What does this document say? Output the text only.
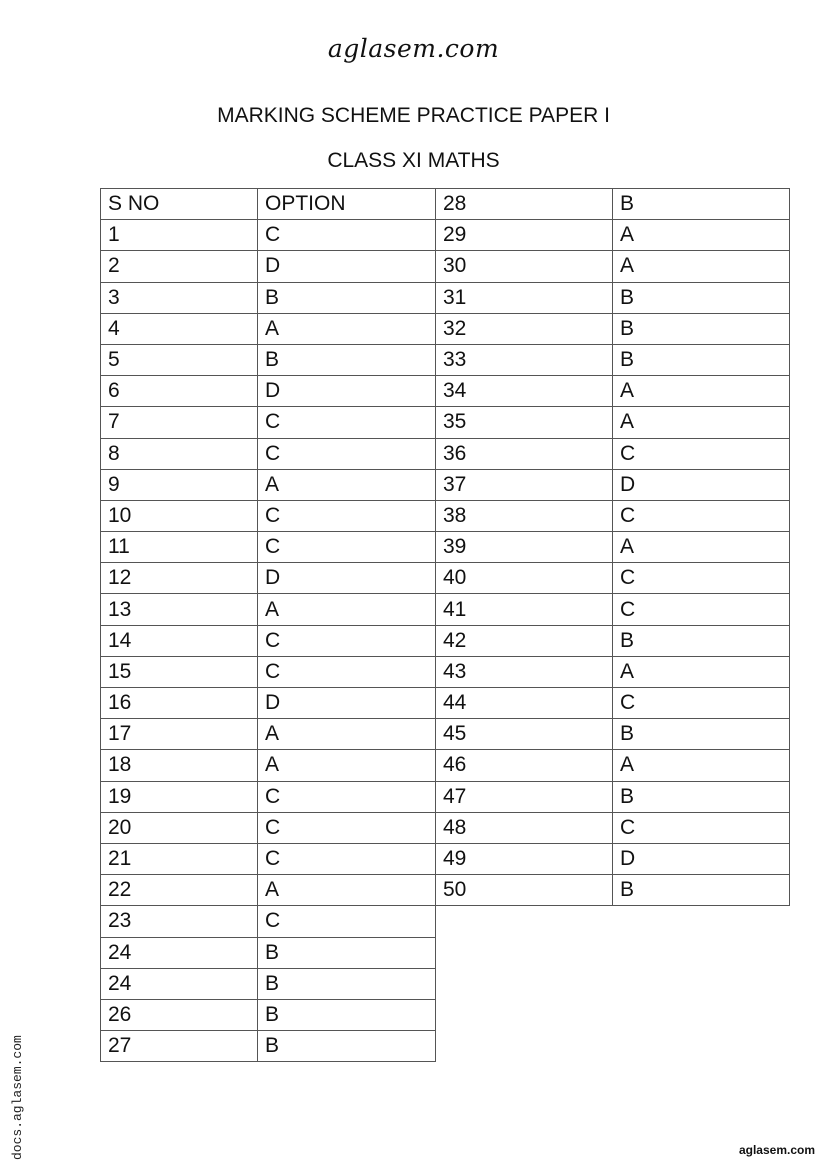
aglasem.com
MARKING SCHEME PRACTICE PAPER I
CLASS XI MATHS
S NO	OPTION
1	C
2	D
3	B
4	A
5	B
6	D
7	C
8	C
9	A
10	C
11	C
12	D
13	A
14	C
15	C
16	D
17	A
18	A
19	C
20	C
21	C
22	A
23	C
24	B
24	B
26	B
27	B
28	B
29	A
30	A
31	B
32	B
33	B
34	A
35	A
36	C
37	D
38	C
39	A
40	C
41	C
42	B
43	A
44	C
45	B
46	A
47	B
48	C
49	D
50	B
docs.aglasem.com	aglasem.com
